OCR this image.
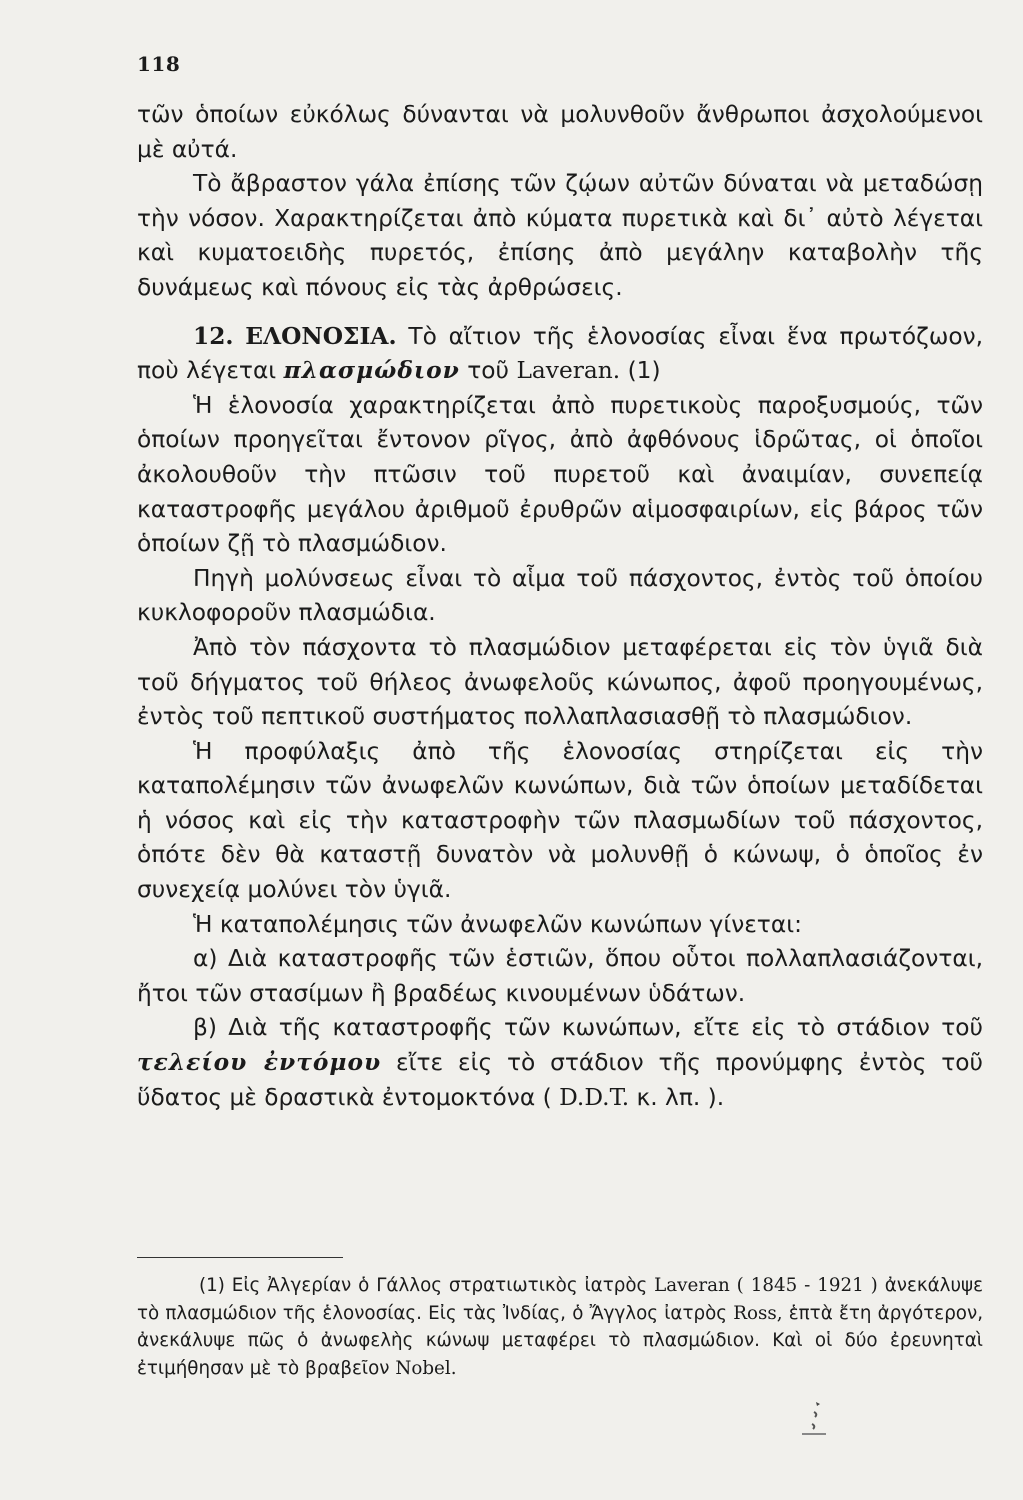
118

τῶν ὁποίων εὐκόλως δύνανται νὰ μολυνθοῦν ἄνθρωποι ἀσχολούμενοι μὲ αὐτά.

Τὸ ἄβραστον γάλα ἐπίσης τῶν ζῴων αὐτῶν δύναται νὰ μεταδώσῃ τὴν νόσον. Χαρακτηρίζεται ἀπὸ κύματα πυρετικὰ καὶ δι᾽ αὐτὸ λέγεται καὶ κυματοειδὴς πυρετός, ἐπίσης ἀπὸ μεγάλην καταβολὴν τῆς δυνάμεως καὶ πόνους εἰς τὰς ἀρθρώσεις.

12. ΕΛΟΝΟΣΙΑ. Τὸ αἴτιον τῆς ἑλονοσίας εἶναι ἕνα πρωτόζωον, ποὺ λέγεται πλασμώδιον τοῦ Laveran. (1)

Ἡ ἑλονοσία χαρακτηρίζεται ἀπὸ πυρετικοὺς παροξυσμούς, τῶν ὁποίων προηγεῖται ἔντονον ρῖγος, ἀπὸ ἀφθόνους ἱδρῶτας, οἱ ὁποῖοι ἀκολουθοῦν τὴν πτῶσιν τοῦ πυρετοῦ καὶ ἀναιμίαν, συνεπείᾳ καταστροφῆς μεγάλου ἀριθμοῦ ἐρυθρῶν αἱμοσφαιρίων, εἰς βάρος τῶν ὁποίων ζῇ τὸ πλασμώδιον.

Πηγὴ μολύνσεως εἶναι τὸ αἷμα τοῦ πάσχοντος, ἐντὸς τοῦ ὁποίου κυκλοφοροῦν πλασμώδια.

Ἀπὸ τὸν πάσχοντα τὸ πλασμώδιον μεταφέρεται εἰς τὸν ὑγιᾶ διὰ τοῦ δήγματος τοῦ θήλεος ἀνωφελοῦς κώνωπος, ἀφοῦ προηγουμένως, ἐντὸς τοῦ πεπτικοῦ συστήματος πολλαπλασιασθῇ τὸ πλασμώδιον.

Ἡ προφύλαξις ἀπὸ τῆς ἑλονοσίας στηρίζεται εἰς τὴν καταπολέμησιν τῶν ἀνωφελῶν κωνώπων, διὰ τῶν ὁποίων μεταδίδεται ἡ νόσος καὶ εἰς τὴν καταστροφὴν τῶν πλασμωδίων τοῦ πάσχοντος, ὁπότε δὲν θὰ καταστῇ δυνατὸν νὰ μολυνθῇ ὁ κώνωψ, ὁ ὁποῖος ἐν συνεχείᾳ μολύνει τὸν ὑγιᾶ.

Ἡ καταπολέμησις τῶν ἀνωφελῶν κωνώπων γίνεται:

α) Διὰ καταστροφῆς τῶν ἑστιῶν, ὅπου οὗτοι πολλαπλασιάζονται, ἤτοι τῶν στασίμων ἢ βραδέως κινουμένων ὑδάτων.

β) Διὰ τῆς καταστροφῆς τῶν κωνώπων, εἴτε εἰς τὸ στάδιον τοῦ τελείου ἐντόμου εἴτε εἰς τὸ στάδιον τῆς προνύμφης ἐντὸς τοῦ ὕδατος μὲ δραστικὰ ἐντομοκτόνα ( D.D.T. κ. λπ. ).

(1) Εἰς Ἀλγερίαν ὁ Γάλλος στρατιωτικὸς ἰατρὸς Laveran ( 1845 - 1921 ) ἀνεκάλυψε τὸ πλασμώδιον τῆς ἑλονοσίας. Εἰς τὰς Ἰνδίας, ὁ Ἄγγλος ἰατρὸς Ross, ἑπτὰ ἔτη ἀργότερον, ἀνεκάλυψε πῶς ὁ ἀνωφελὴς κώνωψ μεταφέρει τὸ πλασμώδιον. Καὶ οἱ δύο ἐρευνηταὶ ἐτιμήθησαν μὲ τὸ βραβεῖον Nobel.
